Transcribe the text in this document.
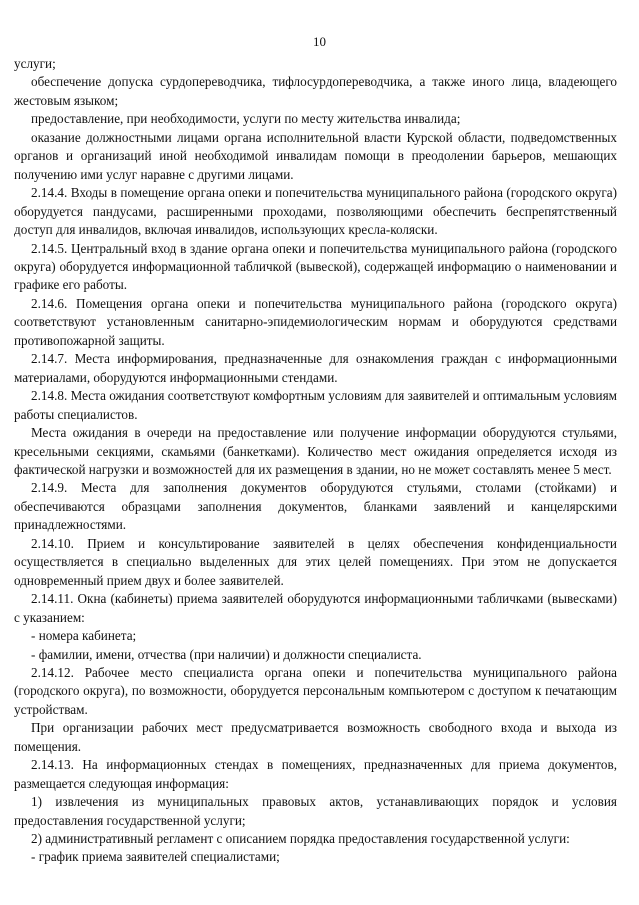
10

услуги;

обеспечение допуска сурдопереводчика, тифлосурдопереводчика, а также иного лица, владеющего жестовым языком;

предоставление, при необходимости, услуги по месту жительства инвалида;

оказание должностными лицами органа исполнительной власти Курской области, подведомственных органов и организаций иной необходимой инвалидам помощи в преодолении барьеров, мешающих получению ими услуг наравне с другими лицами.

2.14.4. Входы в помещение органа опеки и попечительства муниципального района (городского округа) оборудуется пандусами, расширенными проходами, позволяющими обеспечить беспрепятственный доступ для инвалидов, включая инвалидов, использующих кресла-коляски.

2.14.5. Центральный вход в здание органа опеки и попечительства муниципального района (городского округа) оборудуется информационной табличкой (вывеской), содержащей информацию о наименовании и графике его работы.

2.14.6. Помещения органа опеки и попечительства муниципального района (городского округа) соответствуют установленным санитарно-эпидемиологическим нормам и оборудуются средствами противопожарной защиты.

2.14.7. Места информирования, предназначенные для ознакомления граждан с информационными материалами, оборудуются информационными стендами.

2.14.8. Места ожидания соответствуют комфортным условиям для заявителей и оптимальным условиям работы специалистов.

Места ожидания в очереди на предоставление или получение информации оборудуются стульями, кресельными секциями, скамьями (банкетками). Количество мест ожидания определяется исходя из фактической нагрузки и возможностей для их размещения в здании, но не может составлять менее 5 мест.

2.14.9. Места для заполнения документов оборудуются стульями, столами (стойками) и обеспечиваются образцами заполнения документов, бланками заявлений и канцелярскими принадлежностями.

2.14.10. Прием и консультирование заявителей в целях обеспечения конфиденциальности осуществляется в специально выделенных для этих целей помещениях. При этом не допускается одновременный прием двух и более заявителей.

2.14.11. Окна (кабинеты) приема заявителей оборудуются информационными табличками (вывесками) с указанием:

- номера кабинета;

- фамилии, имени, отчества (при наличии) и должности специалиста.

2.14.12. Рабочее место специалиста органа опеки и попечительства муниципального района (городского округа), по возможности, оборудуется персональным компьютером с доступом к печатающим устройствам.

При организации рабочих мест предусматривается возможность свободного входа и выхода из помещения.

2.14.13. На информационных стендах в помещениях, предназначенных для приема документов, размещается следующая информация:

1) извлечения из муниципальных правовых актов, устанавливающих порядок и условия предоставления государственной услуги;

2) административный регламент с описанием порядка предоставления государственной услуги:

- график приема заявителей специалистами;
